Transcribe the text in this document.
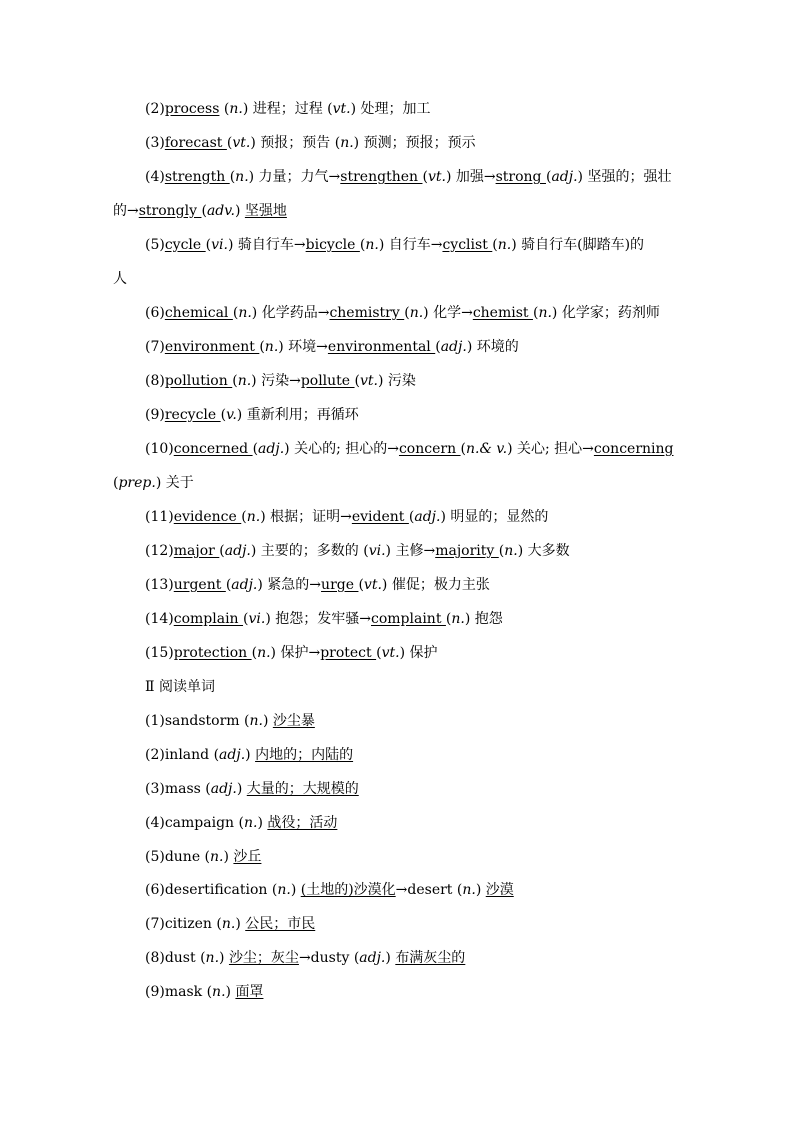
(2)process (n.) 进程；过程 (vt.) 处理；加工
(3)forecast (vt.) 预报；预告 (n.) 预测；预报；预示
(4)strength (n.) 力量；力气→strengthen (vt.) 加强→strong (adj.) 坚强的；强壮
的→strongly (adv.) 坚强地
(5)cycle (vi.) 骑自行车→bicycle (n.) 自行车→cyclist (n.) 骑自行车(脚踏车)的
人
(6)chemical (n.) 化学药品→chemistry (n.) 化学→chemist (n.) 化学家；药剂师
(7)environment (n.) 环境→environmental (adj.) 环境的
(8)pollution (n.) 污染→pollute (vt.) 污染
(9)recycle (v.) 重新利用；再循环
(10)concerned (adj.) 关心的; 担心的→concern (n.& v.) 关心; 担心→concerning
(prep.) 关于
(11)evidence (n.) 根据；证明→evident (adj.) 明显的；显然的
(12)major (adj.) 主要的；多数的 (vi.) 主修→majority (n.) 大多数
(13)urgent (adj.) 紧急的→urge (vt.) 催促；极力主张
(14)complain (vi.) 抱怨；发牢骚→complaint (n.) 抱怨
(15)protection (n.) 保护→protect (vt.) 保护
Ⅱ 阅读单词
(1)sandstorm (n.) 沙尘暴
(2)inland (adj.) 内地的；内陆的
(3)mass (adj.) 大量的；大规模的
(4)campaign (n.) 战役；活动
(5)dune (n.) 沙丘
(6)desertification (n.) (土地的)沙漠化→desert (n.) 沙漠
(7)citizen (n.) 公民；市民
(8)dust (n.) 沙尘；灰尘→dusty (adj.) 布满灰尘的
(9)mask (n.) 面罩
